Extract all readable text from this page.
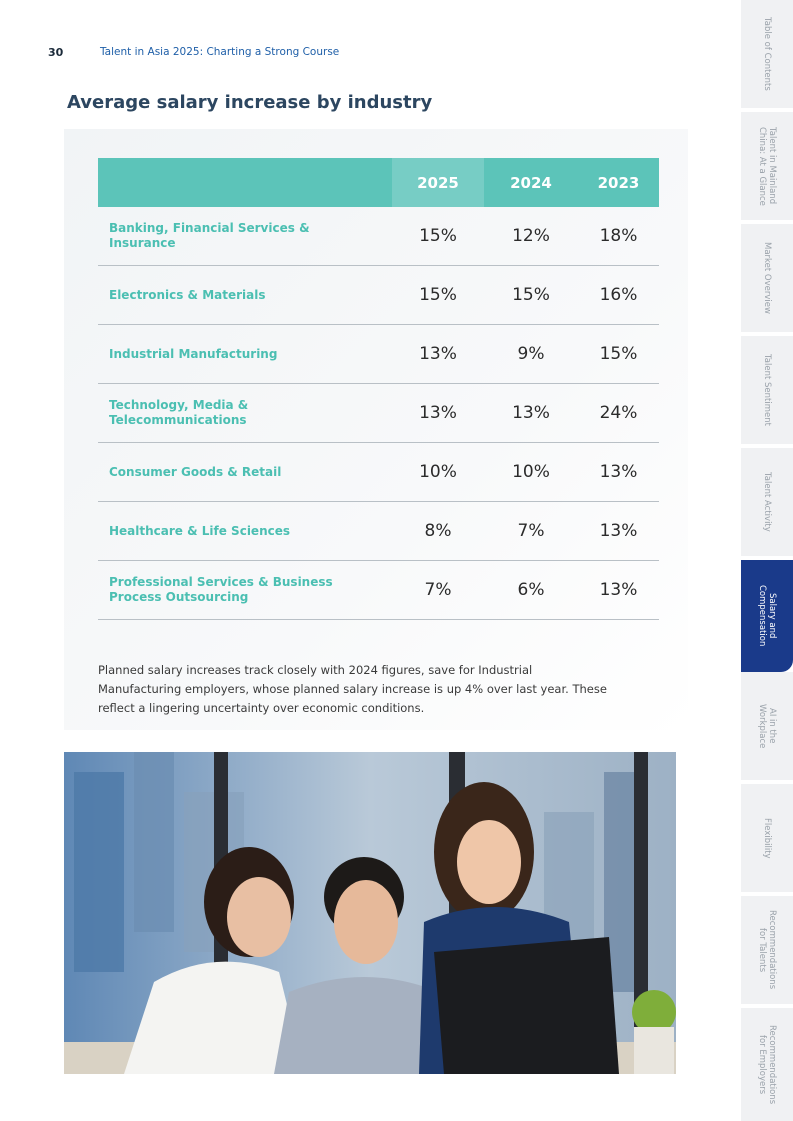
30	Talent in Asia 2025: Charting a Strong Course
Average salary increase by industry
	2025	2024	2023
Banking, Financial Services & Insurance	15%	12%	18%
Electronics & Materials	15%	15%	16%
Industrial Manufacturing	13%	9%	15%
Technology, Media & Telecommunications	13%	13%	24%
Consumer Goods & Retail	10%	10%	13%
Healthcare & Life Sciences	8%	7%	13%
Professional Services & Business Process Outsourcing	7%	6%	13%

Planned salary increases track closely with 2024 figures, save for Industrial Manufacturing employers, whose planned salary increase is up 4% over last year. These reflect a lingering uncertainty over economic conditions.

Table of Contents
Talent in Mainland
China: At a Glance
Market Overview
Talent Sentiment
Talent Activity
Salary and
Compensation
AI in the
Workplace
Flexibility
Recommendations
for Talents
Recommendations
for Employers
